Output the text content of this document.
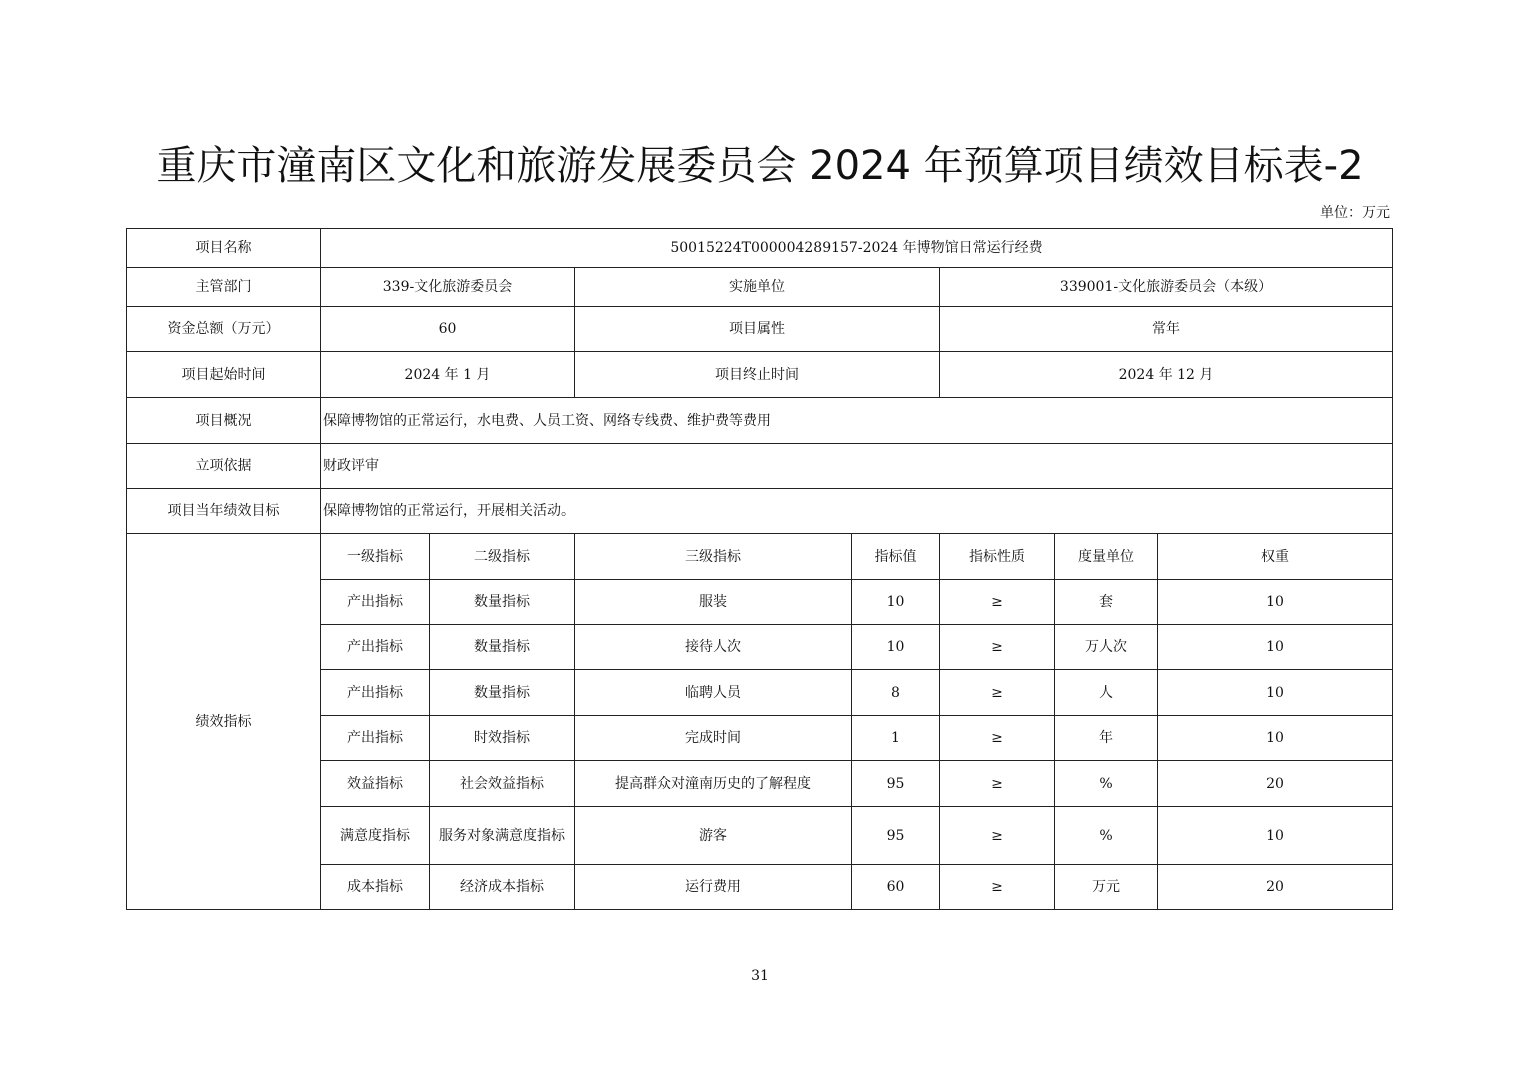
重庆市潼南区文化和旅游发展委员会 2024 年预算项目绩效目标表-2
单位：万元
项目名称	50015224T000004289157-2024 年博物馆日常运行经费						
主管部门	339-文化旅游委员会		实施单位		339001-文化旅游委员会（本级）		
资金总额（万元）	60		项目属性		常年		
项目起始时间	2024 年 1 月		项目终止时间		2024 年 12 月		
项目概况	保障博物馆的正常运行，水电费、人员工资、网络专线费、维护费等费用						
立项依据	财政评审						
项目当年绩效目标	保障博物馆的正常运行，开展相关活动。						
绩效指标	一级指标	二级指标	三级指标	指标值	指标性质	度量单位	权重
	产出指标	数量指标	服装	10	≥	套	10
	产出指标	数量指标	接待人次	10	≥	万人次	10
	产出指标	数量指标	临聘人员	8	≥	人	10
	产出指标	时效指标	完成时间	1	≥	年	10
	效益指标	社会效益指标	提高群众对潼南历史的了解程度	95	≥	%	20
	满意度指标	服务对象满意度指标	游客	95	≥	%	10
	成本指标	经济成本指标	运行费用	60	≥	万元	20
31
